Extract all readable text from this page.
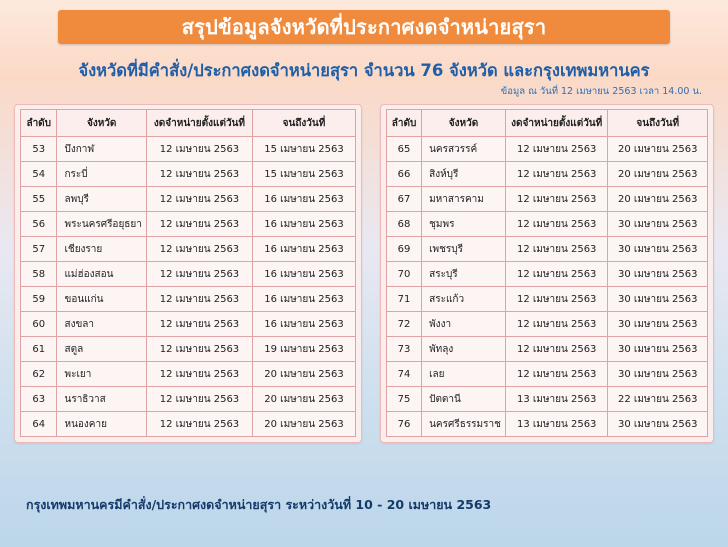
สรุปข้อมูลจังหวัดที่ประกาศงดจำหน่ายสุรา
จังหวัดที่มีคำสั่ง/ประกาศงดจำหน่ายสุรา จำนวน 76 จังหวัด และกรุงเทพมหานคร
ข้อมูล ณ วันที่ 12 เมษายน 2563 เวลา 14.00 น.
ลำดับ	จังหวัด	งดจำหน่ายตั้งแต่วันที่	จนถึงวันที่
53	บึงกาฬ	12 เมษายน 2563	15 เมษายน 2563
54	กระบี่	12 เมษายน 2563	15 เมษายน 2563
55	ลพบุรี	12 เมษายน 2563	16 เมษายน 2563
56	พระนครศรีอยุธยา	12 เมษายน 2563	16 เมษายน 2563
57	เชียงราย	12 เมษายน 2563	16 เมษายน 2563
58	แม่ฮ่องสอน	12 เมษายน 2563	16 เมษายน 2563
59	ขอนแก่น	12 เมษายน 2563	16 เมษายน 2563
60	สงขลา	12 เมษายน 2563	16 เมษายน 2563
61	สตูล	12 เมษายน 2563	19 เมษายน 2563
62	พะเยา	12 เมษายน 2563	20 เมษายน 2563
63	นราธิวาส	12 เมษายน 2563	20 เมษายน 2563
64	หนองคาย	12 เมษายน 2563	20 เมษายน 2563
ลำดับ	จังหวัด	งดจำหน่ายตั้งแต่วันที่	จนถึงวันที่
65	นครสวรรค์	12 เมษายน 2563	20 เมษายน 2563
66	สิงห์บุรี	12 เมษายน 2563	20 เมษายน 2563
67	มหาสารคาม	12 เมษายน 2563	20 เมษายน 2563
68	ชุมพร	12 เมษายน 2563	30 เมษายน 2563
69	เพชรบุรี	12 เมษายน 2563	30 เมษายน 2563
70	สระบุรี	12 เมษายน 2563	30 เมษายน 2563
71	สระแก้ว	12 เมษายน 2563	30 เมษายน 2563
72	พังงา	12 เมษายน 2563	30 เมษายน 2563
73	พัทลุง	12 เมษายน 2563	30 เมษายน 2563
74	เลย	12 เมษายน 2563	30 เมษายน 2563
75	ปัตตานี	13 เมษายน 2563	22 เมษายน 2563
76	นครศรีธรรมราช	13 เมษายน 2563	30 เมษายน 2563
กรุงเทพมหานครมีคำสั่ง/ประกาศงดจำหน่ายสุรา ระหว่างวันที่ 10 - 20 เมษายน 2563
